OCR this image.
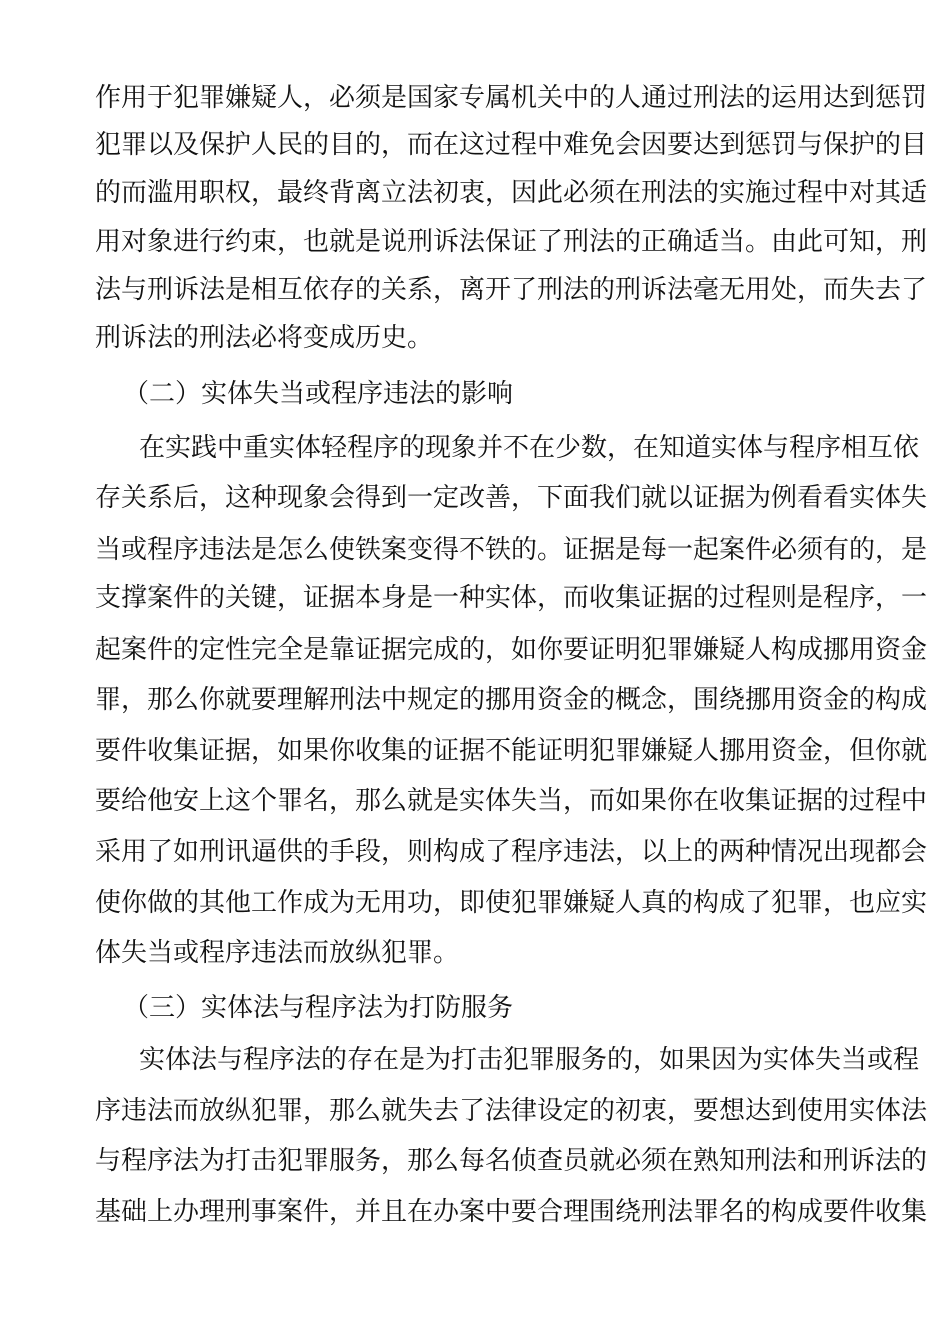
作用于犯罪嫌疑人，必须是国家专属机关中的人通过刑法的运用达到惩罚
犯罪以及保护人民的目的，而在这过程中难免会因要达到惩罚与保护的目
的而滥用职权，最终背离立法初衷，因此必须在刑法的实施过程中对其适
用对象进行约束，也就是说刑诉法保证了刑法的正确适当。由此可知，刑
法与刑诉法是相互依存的关系，离开了刑法的刑诉法毫无用处，而失去了
刑诉法的刑法必将变成历史。
（二）实体失当或程序违法的影响
在实践中重实体轻程序的现象并不在少数，在知道实体与程序相互依
存关系后，这种现象会得到一定改善，下面我们就以证据为例看看实体失
当或程序违法是怎么使铁案变得不铁的。证据是每一起案件必须有的，是
支撑案件的关键，证据本身是一种实体，而收集证据的过程则是程序，一
起案件的定性完全是靠证据完成的，如你要证明犯罪嫌疑人构成挪用资金
罪，那么你就要理解刑法中规定的挪用资金的概念，围绕挪用资金的构成
要件收集证据，如果你收集的证据不能证明犯罪嫌疑人挪用资金，但你就
要给他安上这个罪名，那么就是实体失当，而如果你在收集证据的过程中
采用了如刑讯逼供的手段，则构成了程序违法，以上的两种情况出现都会
使你做的其他工作成为无用功，即使犯罪嫌疑人真的构成了犯罪，也应实
体失当或程序违法而放纵犯罪。
（三）实体法与程序法为打防服务
实体法与程序法的存在是为打击犯罪服务的，如果因为实体失当或程
序违法而放纵犯罪，那么就失去了法律设定的初衷，要想达到使用实体法
与程序法为打击犯罪服务，那么每名侦查员就必须在熟知刑法和刑诉法的
基础上办理刑事案件，并且在办案中要合理围绕刑法罪名的构成要件收集
